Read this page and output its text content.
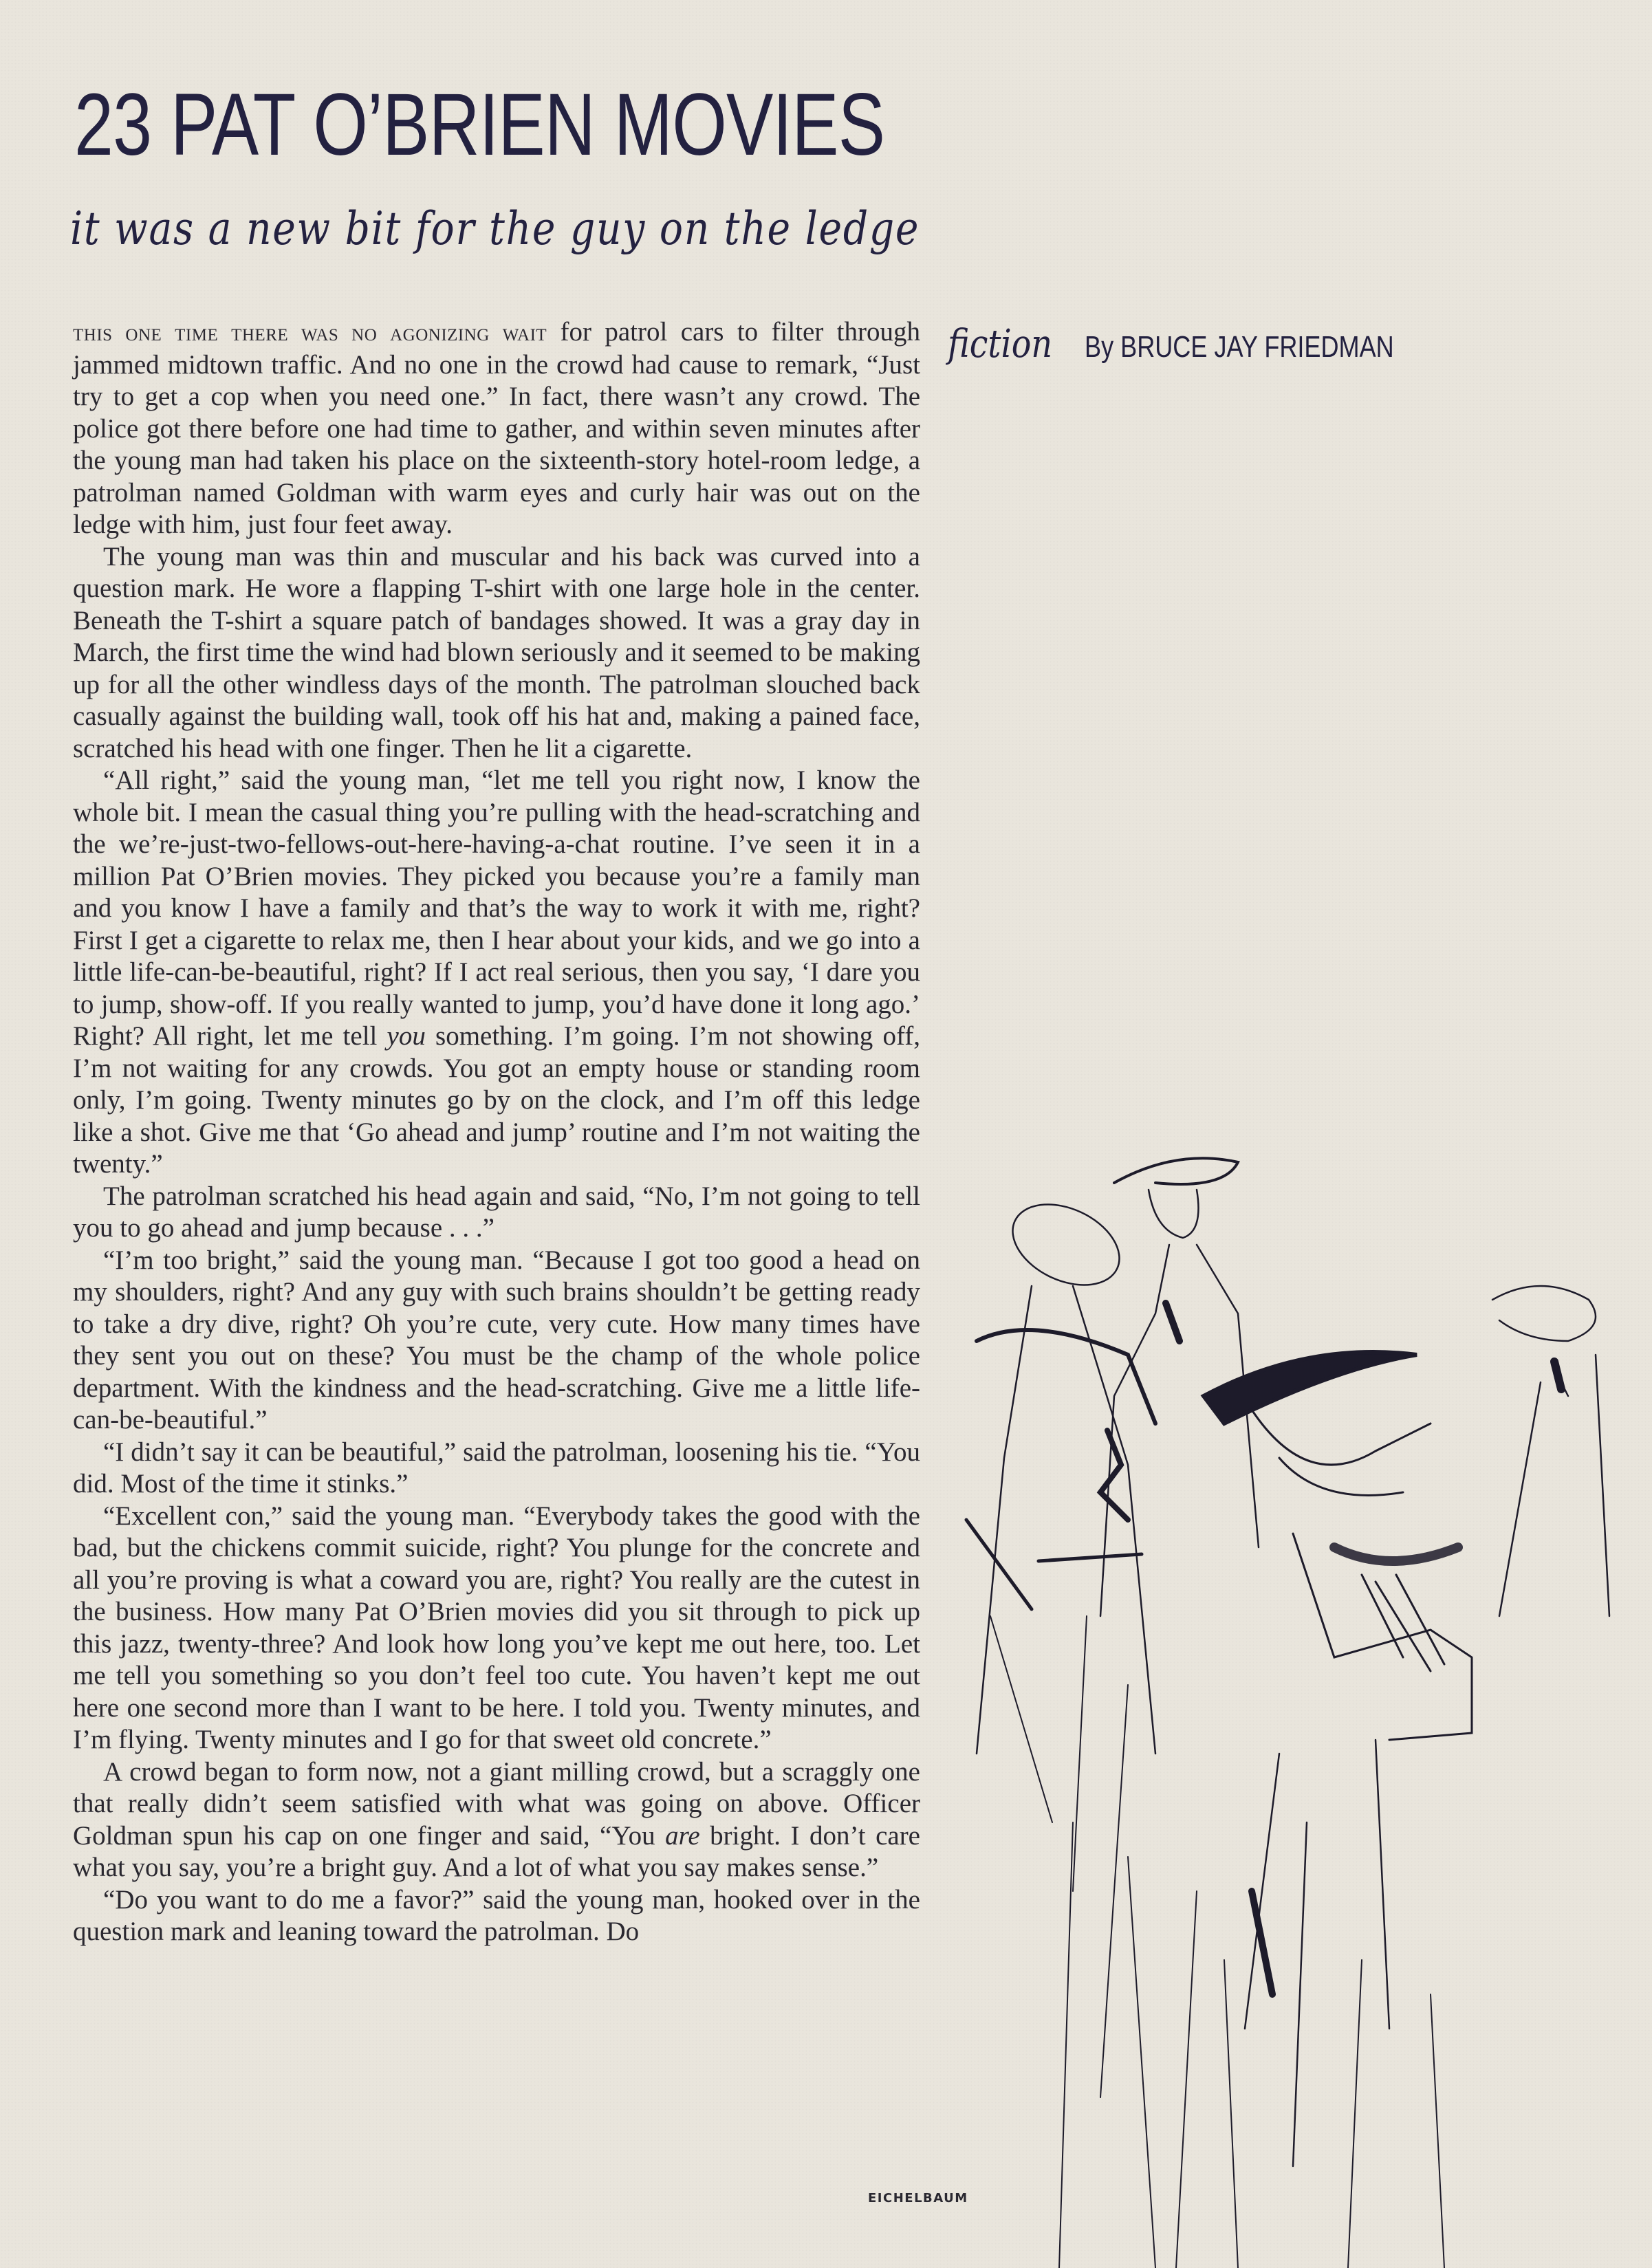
23 PAT O’BRIEN MOVIES
it was a new bit for the guy on the ledge
fiction By BRUCE JAY FRIEDMAN

this one time there was no agonizing wait for patrol cars to filter through jammed midtown traffic. And no one in the crowd had cause to remark, “Just try to get a cop when you need one.” In fact, there wasn’t any crowd. The police got there before one had time to gather, and within seven minutes after the young man had taken his place on the sixteenth-story hotel-room ledge, a patrolman named Goldman with warm eyes and curly hair was out on the ledge with him, just four feet away.

The young man was thin and muscular and his back was curved into a question mark. He wore a flapping T-shirt with one large hole in the center. Beneath the T-shirt a square patch of bandages showed. It was a gray day in March, the first time the wind had blown seriously and it seemed to be making up for all the other windless days of the month. The patrolman slouched back casually against the building wall, took off his hat and, making a pained face, scratched his head with one finger. Then he lit a cigarette.

“All right,” said the young man, “let me tell you right now, I know the whole bit. I mean the casual thing you’re pulling with the head-scratching and the we’re-just-two-fellows-out-here-having-a-chat routine. I’ve seen it in a million Pat O’Brien movies. They picked you because you’re a family man and you know I have a family and that’s the way to work it with me, right? First I get a cigarette to relax me, then I hear about your kids, and we go into a little life-can-be-beautiful, right? If I act real serious, then you say, ‘I dare you to jump, show-off. If you really wanted to jump, you’d have done it long ago.’ Right? All right, let me tell you something. I’m going. I’m not showing off, I’m not waiting for any crowds. You got an empty house or standing room only, I’m going. Twenty minutes go by on the clock, and I’m off this ledge like a shot. Give me that ‘Go ahead and jump’ routine and I’m not waiting the twenty.”

The patrolman scratched his head again and said, “No, I’m not going to tell you to go ahead and jump because . . .”

“I’m too bright,” said the young man. “Because I got too good a head on my shoulders, right? And any guy with such brains shouldn’t be getting ready to take a dry dive, right? Oh you’re cute, very cute. How many times have they sent you out on these? You must be the champ of the whole police department. With the kindness and the head-scratching. Give me a little life-can-be-beautiful.”

“I didn’t say it can be beautiful,” said the patrolman, loosening his tie. “You did. Most of the time it stinks.”

“Excellent con,” said the young man. “Everybody takes the good with the bad, but the chickens commit suicide, right? You plunge for the concrete and all you’re proving is what a coward you are, right? You really are the cutest in the business. How many Pat O’Brien movies did you sit through to pick up this jazz, twenty-three? And look how long you’ve kept me out here, too. Let me tell you something so you don’t feel too cute. You haven’t kept me out here one second more than I want to be here. I told you. Twenty minutes, and I’m flying. Twenty minutes and I go for that sweet old concrete.”

A crowd began to form now, not a giant milling crowd, but a scraggly one that really didn’t seem satisfied with what was going on above. Officer Goldman spun his cap on one finger and said, “You are bright. I don’t care what you say, you’re a bright guy. And a lot of what you say makes sense.”

“Do you want to do me a favor?” said the young man, hooked over in the question mark and leaning toward the patrolman. Do

EICHELBAUM
